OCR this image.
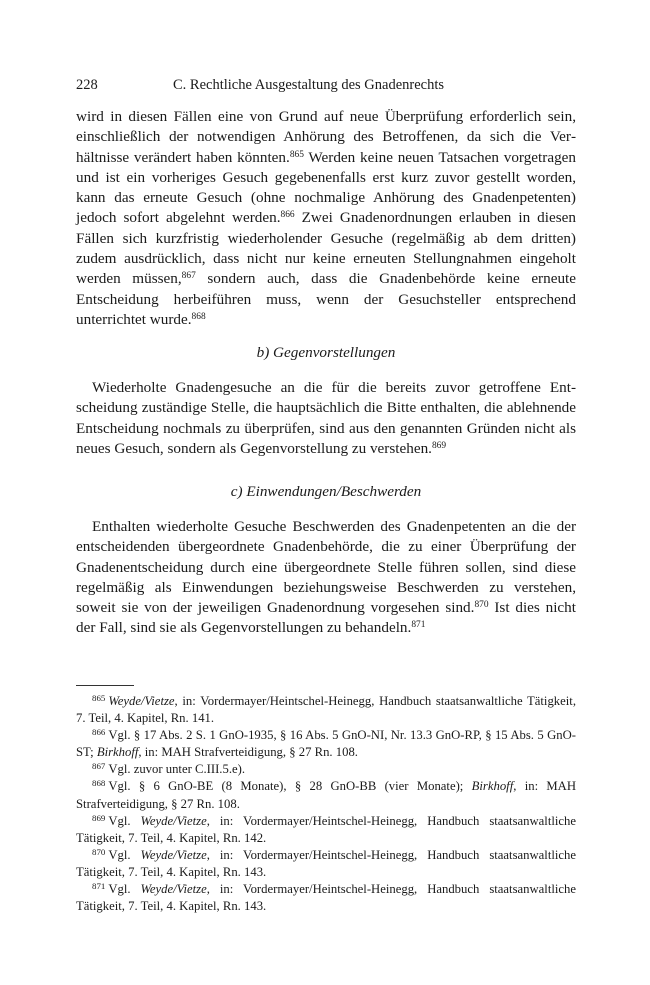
228	C. Rechtliche Ausgestaltung des Gnadenrechts

wird in diesen Fällen eine von Grund auf neue Überprüfung erforderlich sein, einschließlich der notwendigen Anhörung des Betroffenen, da sich die Verhältnisse verändert haben könnten.$^{865}$ Werden keine neuen Tatsachen vorgetragen und ist ein vorheriges Gesuch gegebenenfalls erst kurz zuvor gestellt worden, kann das erneute Gesuch (ohne nochmalige Anhörung des Gnadenpetenten) jedoch sofort abgelehnt werden.$^{866}$ Zwei Gnadenordnungen erlauben in diesen Fällen sich kurzfristig wiederholender Gesuche (regelmäßig ab dem dritten) zudem ausdrücklich, dass nicht nur keine erneuten Stellungnahmen eingeholt werden müssen,$^{867}$ sondern auch, dass die Gnadenbehörde keine erneute Entscheidung herbeiführen muss, wenn der Gesuchsteller entsprechend unterrichtet wurde.$^{868}$

b) Gegenvorstellungen

Wiederholte Gnadengesuche an die für die bereits zuvor getroffene Entscheidung zuständige Stelle, die hauptsächlich die Bitte enthalten, die ablehnende Entscheidung nochmals zu überprüfen, sind aus den genannten Gründen nicht als neues Gesuch, sondern als Gegenvorstellung zu verstehen.$^{869}$

c) Einwendungen/Beschwerden

Enthalten wiederholte Gesuche Beschwerden des Gnadenpetenten an die der entscheidenden übergeordnete Gnadenbehörde, die zu einer Überprüfung der Gnadenentscheidung durch eine übergeordnete Stelle führen sollen, sind diese regelmäßig als Einwendungen beziehungsweise Beschwerden zu verstehen, soweit sie von der jeweiligen Gnadenordnung vorgesehen sind.$^{870}$ Ist dies nicht der Fall, sind sie als Gegenvorstellungen zu behandeln.$^{871}$

$^{865}$ Weyde/Vietze, in: Vordermayer/Heintschel-Heinegg, Handbuch staatsanwaltliche Tätigkeit, 7. Teil, 4. Kapitel, Rn. 141.

$^{866}$ Vgl. § 17 Abs. 2 S. 1 GnO-1935, § 16 Abs. 5 GnO-NI, Nr. 13.3 GnO-RP, § 15 Abs. 5 GnO-ST; Birkhoff, in: MAH Strafverteidigung, § 27 Rn. 108.

$^{867}$ Vgl. zuvor unter C.III.5.e).

$^{868}$ Vgl. § 6 GnO-BE (8 Monate), § 28 GnO-BB (vier Monate); Birkhoff, in: MAH Strafverteidigung, § 27 Rn. 108.

$^{869}$ Vgl. Weyde/Vietze, in: Vordermayer/Heintschel-Heinegg, Handbuch staatsanwaltliche Tätigkeit, 7. Teil, 4. Kapitel, Rn. 142.

$^{870}$ Vgl. Weyde/Vietze, in: Vordermayer/Heintschel-Heinegg, Handbuch staatsanwaltliche Tätigkeit, 7. Teil, 4. Kapitel, Rn. 143.

$^{871}$ Vgl. Weyde/Vietze, in: Vordermayer/Heintschel-Heinegg, Handbuch staatsanwaltliche Tätigkeit, 7. Teil, 4. Kapitel, Rn. 143.
